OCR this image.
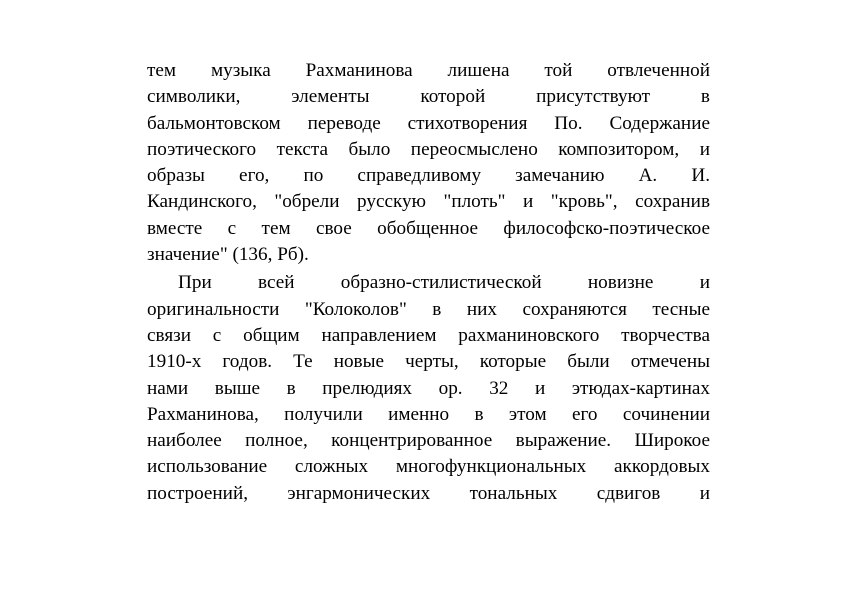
тем музыка Рахманинова лишена той отвлеченной
символики, элементы которой присутствуют в
бальмонтовском переводе стихотворения По. Содержание
поэтического текста было переосмыслено композитором, и
образы его, по справедливому замечанию А. И.
Кандинского, "обрели русскую "плоть" и "кровь", сохранив
вместе с тем свое обобщенное философско-поэтическое
значение" (136, Рб).
При всей образно-стилистической новизне и
оригинальности "Колоколов" в них сохраняются тесные
связи с общим направлением рахманиновского творчества
1910-х годов. Те новые черты, которые были отмечены
нами выше в прелюдиях ор. 32 и этюдах-картинах
Рахманинова, получили именно в этом его сочинении
наиболее полное, концентрированное выражение. Широкое
использование сложных многофункциональных аккордовых
построений, энгармонических тональных сдвигов и
